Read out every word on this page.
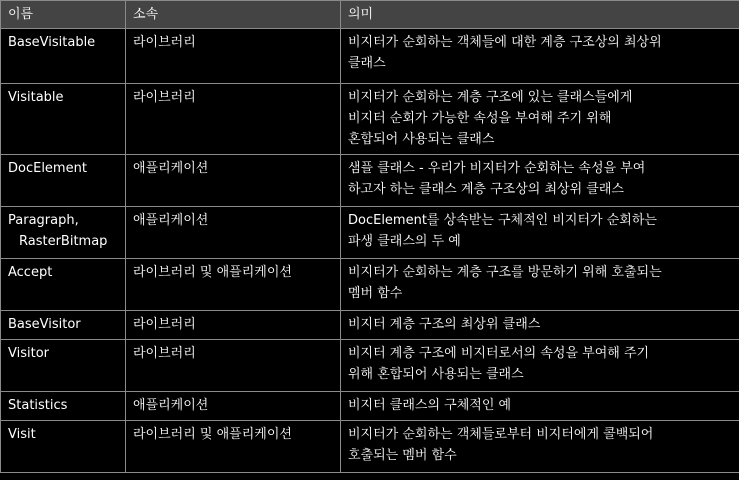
이름	소속	의미
BaseVisitable	라이브러리	비지터가 순회하는 객체들에 대한 계층 구조상의 최상위
클래스
Visitable	라이브러리	비지터가 순회하는 계층 구조에 있는 클래스들에게
비지터 순회가 가능한 속성을 부여해 주기 위해
혼합되어 사용되는 클래스
DocElement	애플리케이션	샘플 클래스 - 우리가 비지터가 순회하는 속성을 부여
하고자 하는 클래스 계층 구조상의 최상위 클래스
Paragraph,
RasterBitmap	애플리케이션	DocElement를 상속받는 구체적인 비지터가 순회하는
파생 클래스의 두 예
Accept	라이브러리 및 애플리케이션	비지터가 순회하는 계층 구조를 방문하기 위해 호출되는
멤버 함수
BaseVisitor	라이브러리	비지터 계층 구조의 최상위 클래스
Visitor	라이브러리	비지터 계층 구조에 비지터로서의 속성을 부여해 주기
위해 혼합되어 사용되는 클래스
Statistics	애플리케이션	비지터 클래스의 구체적인 예
Visit	라이브러리 및 애플리케이션	비지터가 순회하는 객체들로부터 비지터에게 콜백되어
호출되는 멤버 함수
